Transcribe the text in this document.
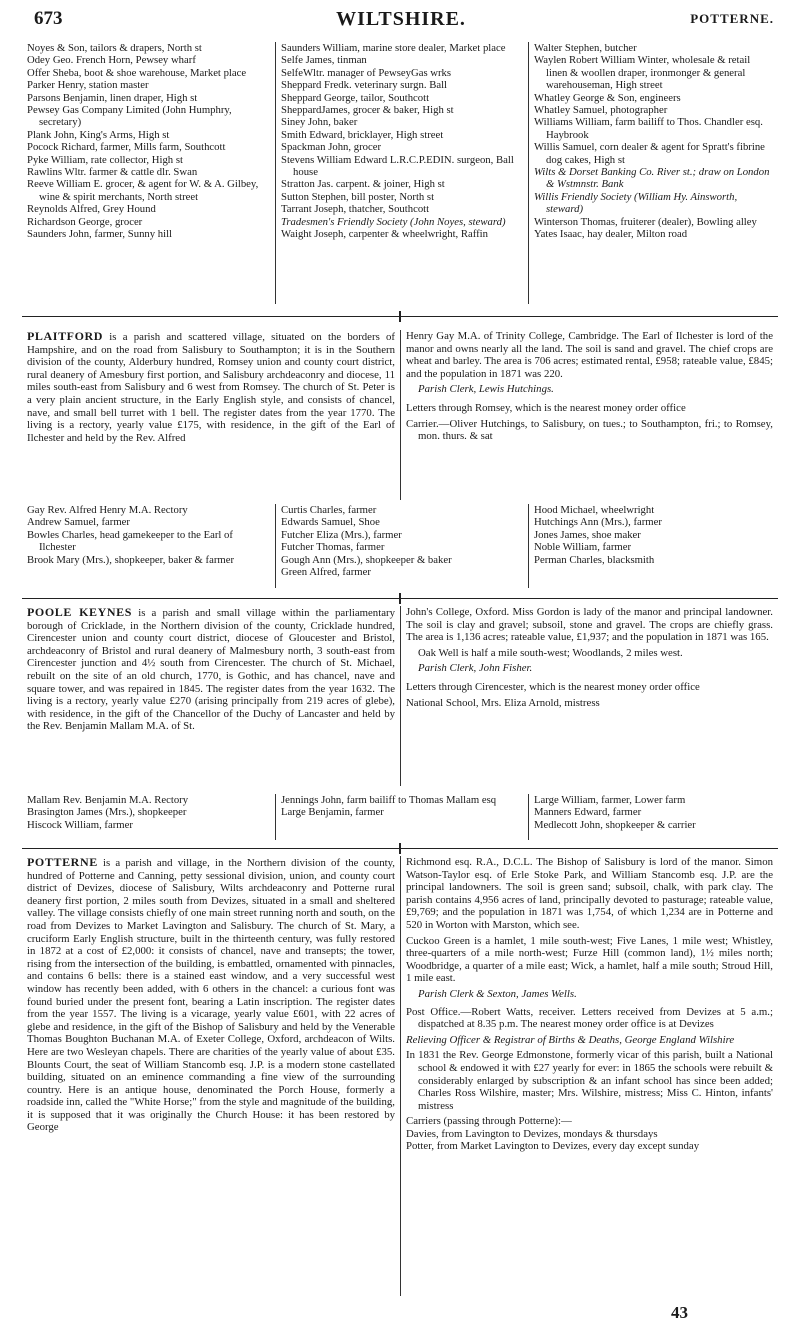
673	WILTSHIRE.	POTTERNE.
Noyes & Son, tailors & drapers, North st
Odey Geo. French Horn, Pewsey wharf
Offer Sheba, boot & shoe warehouse, Market place
Parker Henry, station master
Parsons Benjamin, linen draper, High st
Pewsey Gas Company Limited (John Humphry, secretary)
Plank John, King's Arms, High st
Pocock Richard, farmer, Mills farm, Southcott
Pyke William, rate collector, High st
Rawlins Wltr. farmer & cattle dlr. Swan
Reeve William E. grocer, & agent for W. & A. Gilbey, wine & spirit merchants, North street
Reynolds Alfred, Grey Hound
Richardson George, grocer
Saunders John, farmer, Sunny hill
Saunders William, marine store dealer, Market place
Selfe James, tinman
SelfeWltr. manager of PewseyGas wrks
Sheppard Fredk. veterinary surgn. Ball
Sheppard George, tailor, Southcott
SheppardJames, grocer & baker, High st
Siney John, baker
Smith Edward, bricklayer, High street
Spackman John, grocer
Stevens William Edward L.R.C.P.EDIN. surgeon, Ball house
Stratton Jas. carpent. & joiner, High st
Sutton Stephen, bill poster, North st
Tarrant Joseph, thatcher, Southcott
Tradesmen's Friendly Society (John Noyes, steward)
Waight Joseph, carpenter & wheelwright, Raffin
Walter Stephen, butcher
Waylen Robert William Winter, wholesale & retail linen & woollen draper, ironmonger & general warehouseman, High street
Whatley George & Son, engineers
Whatley Samuel, photographer
Williams William, farm bailiff to Thos. Chandler esq. Haybrook
Willis Samuel, corn dealer & agent for Spratt's fibrine dog cakes, High st
Wilts & Dorset Banking Co. River st.; draw on London & Wstmnstr. Bank
Willis Friendly Society (William Hy. Ainsworth, steward)
Winterson Thomas, fruiterer (dealer), Bowling alley
Yates Isaac, hay dealer, Milton road

PLAITFORD is a parish and scattered village, situated on the borders of Hampshire, and on the road from Salisbury to Southampton; it is in the Southern division of the county, Alderbury hundred, Romsey union and county court district, rural deanery of Amesbury first portion, and Salisbury archdeaconry and diocese, 11 miles south-east from Salisbury and 6 west from Romsey. The church of St. Peter is a very plain ancient structure, in the Early English style, and consists of chancel, nave, and small bell turret with 1 bell. The register dates from the year 1770. The living is a rectory, yearly value £175, with residence, in the gift of the Earl of Ilchester and held by the Rev. Alfred

Henry Gay M.A. of Trinity College, Cambridge. The Earl of Ilchester is lord of the manor and owns nearly all the land. The soil is sand and gravel. The chief crops are wheat and barley. The area is 706 acres; estimated rental, £958; rateable value, £845; and the population in 1871 was 220.

Parish Clerk, Lewis Hutchings.

Letters through Romsey, which is the nearest money order office

Carrier.—Oliver Hutchings, to Salisbury, on tues.; to Southampton, fri.; to Romsey, mon. thurs. & sat

Gay Rev. Alfred Henry M.A. Rectory
Andrew Samuel, farmer
Bowles Charles, head gamekeeper to the Earl of Ilchester
Brook Mary (Mrs.), shopkeeper, baker & farmer
Curtis Charles, farmer
Edwards Samuel, Shoe
Futcher Eliza (Mrs.), farmer
Futcher Thomas, farmer
Gough Ann (Mrs.), shopkeeper & baker
Green Alfred, farmer
Hood Michael, wheelwright
Hutchings Ann (Mrs.), farmer
Jones James, shoe maker
Noble William, farmer
Perman Charles, blacksmith

POOLE KEYNES is a parish and small village within the parliamentary borough of Cricklade, in the Northern division of the county, Cricklade hundred, Cirencester union and county court district, diocese of Gloucester and Bristol, archdeaconry of Bristol and rural deanery of Malmesbury north, 3 south-east from Cirencester junction and 4½ south from Cirencester. The church of St. Michael, rebuilt on the site of an old church, 1770, is Gothic, and has chancel, nave and square tower, and was repaired in 1845. The register dates from the year 1632. The living is a rectory, yearly value £270 (arising principally from 219 acres of glebe), with residence, in the gift of the Chancellor of the Duchy of Lancaster and held by the Rev. Benjamin Mallam M.A. of St.

John's College, Oxford. Miss Gordon is lady of the manor and principal landowner. The soil is clay and gravel; subsoil, stone and gravel. The crops are chiefly grass. The area is 1,136 acres; rateable value, £1,937; and the population in 1871 was 165.

Oak Well is half a mile south-west; Woodlands, 2 miles west.

Parish Clerk, John Fisher.

Letters through Cirencester, which is the nearest money order office

National School, Mrs. Eliza Arnold, mistress

Mallam Rev. Benjamin M.A. Rectory
Brasington James (Mrs.), shopkeeper
Hiscock William, farmer
Jennings John, farm bailiff to Thomas Mallam esq
Large Benjamin, farmer
Large William, farmer, Lower farm
Manners Edward, farmer
Medlecott John, shopkeeper & carrier

POTTERNE is a parish and village, in the Northern division of the county, hundred of Potterne and Canning, petty sessional division, union, and county court district of Devizes, diocese of Salisbury, Wilts archdeaconry and Potterne rural deanery first portion, 2 miles south from Devizes, situated in a small and sheltered valley. The village consists chiefly of one main street running north and south, on the road from Devizes to Market Lavington and Salisbury. The church of St. Mary, a cruciform Early English structure, built in the thirteenth century, was fully restored in 1872 at a cost of £2,000: it consists of chancel, nave and transepts; the tower, rising from the intersection of the building, is embattled, ornamented with pinnacles, and contains 6 bells: there is a stained east window, and a very successful west window has recently been added, with 6 others in the chancel: a curious font was found buried under the present font, bearing a Latin inscription. The register dates from the year 1557. The living is a vicarage, yearly value £601, with 22 acres of glebe and residence, in the gift of the Bishop of Salisbury and held by the Venerable Thomas Boughton Buchanan M.A. of Exeter College, Oxford, archdeacon of Wilts. Here are two Wesleyan chapels. There are charities of the yearly value of about £35. Blounts Court, the seat of William Stancomb esq. J.P. is a modern stone castellated building, situated on an eminence commanding a fine view of the surrounding country. Here is an antique house, denominated the Porch House, formerly a roadside inn, called the "White Horse;" from the style and magnitude of the building, it is supposed that it was originally the Church House: it has been restored by George

Richmond esq. R.A., D.C.L. The Bishop of Salisbury is lord of the manor. Simon Watson-Taylor esq. of Erle Stoke Park, and William Stancomb esq. J.P. are the principal landowners. The soil is green sand; subsoil, chalk, with park clay. The parish contains 4,956 acres of land, principally devoted to pasturage; rateable value, £9,769; and the population in 1871 was 1,754, of which 1,234 are in Potterne and 520 in Worton with Marston, which see.

Cuckoo Green is a hamlet, 1 mile south-west; Five Lanes, 1 mile west; Whistley, three-quarters of a mile north-west; Furze Hill (common land), 1½ miles north; Woodbridge, a quarter of a mile east; Wick, a hamlet, half a mile south; Stroud Hill, 1 mile east.

Parish Clerk & Sexton, James Wells.

Post Office.—Robert Watts, receiver. Letters received from Devizes at 5 a.m.; dispatched at 8.35 p.m. The nearest money order office is at Devizes

Relieving Officer & Registrar of Births & Deaths, George England Wilshire

In 1831 the Rev. George Edmonstone, formerly vicar of this parish, built a National school & endowed it with £27 yearly for ever: in 1865 the schools were rebuilt & considerably enlarged by subscription & an infant school has since been added; Charles Ross Wilshire, master; Mrs. Wilshire, mistress; Miss C. Hinton, infants' mistress

Carriers (passing through Potterne):—

Davies, from Lavington to Devizes, mondays & thursdays

Potter, from Market Lavington to Devizes, every day except sunday

43
